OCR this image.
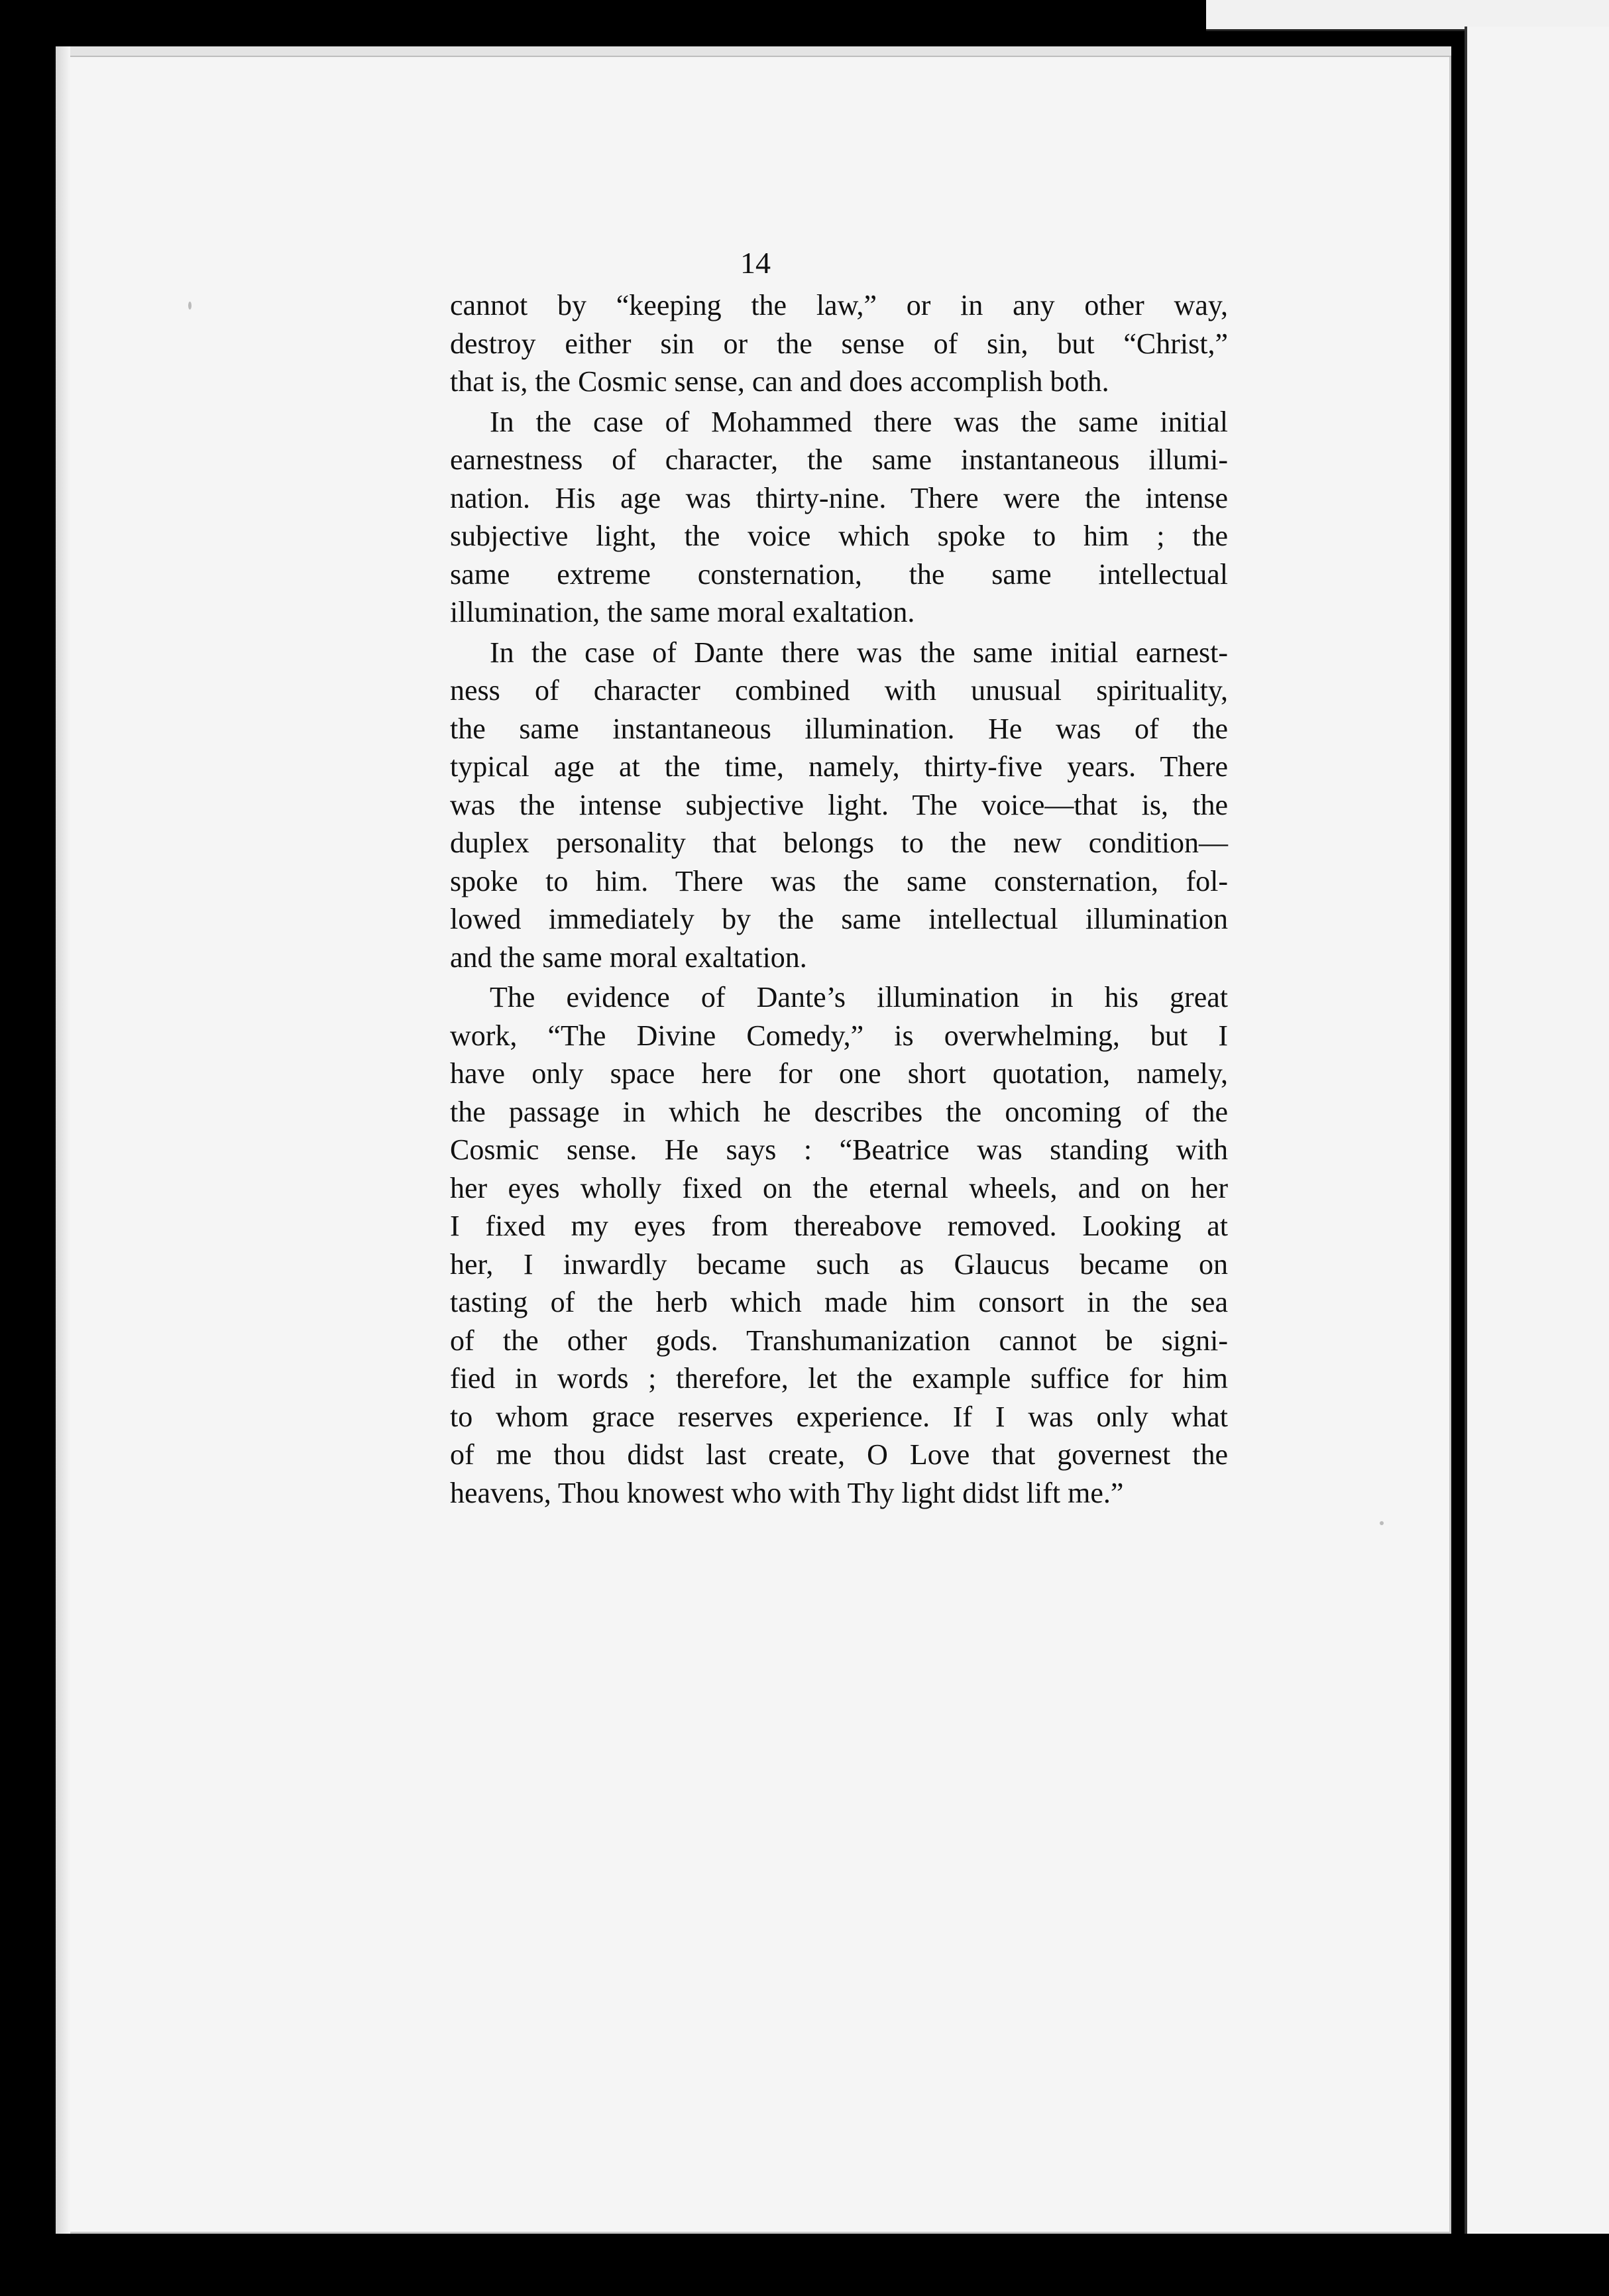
14

cannot by “keeping the law,” or in any other way,
destroy either sin or the sense of sin, but “Christ,”
that is, the Cosmic sense, can and does accomplish both.

In the case of Mohammed there was the same initial
earnestness of character, the same instantaneous illumi-
nation. His age was thirty-nine. There were the intense
subjective light, the voice which spoke to him ; the
same extreme consternation, the same intellectual
illumination, the same moral exaltation.

In the case of Dante there was the same initial earnest-
ness of character combined with unusual spirituality,
the same instantaneous illumination. He was of the
typical age at the time, namely, thirty-five years. There
was the intense subjective light. The voice—that is, the
duplex personality that belongs to the new condition—
spoke to him. There was the same consternation, fol-
lowed immediately by the same intellectual illumination
and the same moral exaltation.

The evidence of Dante’s illumination in his great
work, “The Divine Comedy,” is overwhelming, but I
have only space here for one short quotation, namely,
the passage in which he describes the oncoming of the
Cosmic sense. He says : “Beatrice was standing with
her eyes wholly fixed on the eternal wheels, and on her
I fixed my eyes from thereabove removed. Looking at
her, I inwardly became such as Glaucus became on
tasting of the herb which made him consort in the sea
of the other gods. Transhumanization cannot be signi-
fied in words ; therefore, let the example suffice for him
to whom grace reserves experience. If I was only what
of me thou didst last create, O Love that governest the
heavens, Thou knowest who with Thy light didst lift me.”
